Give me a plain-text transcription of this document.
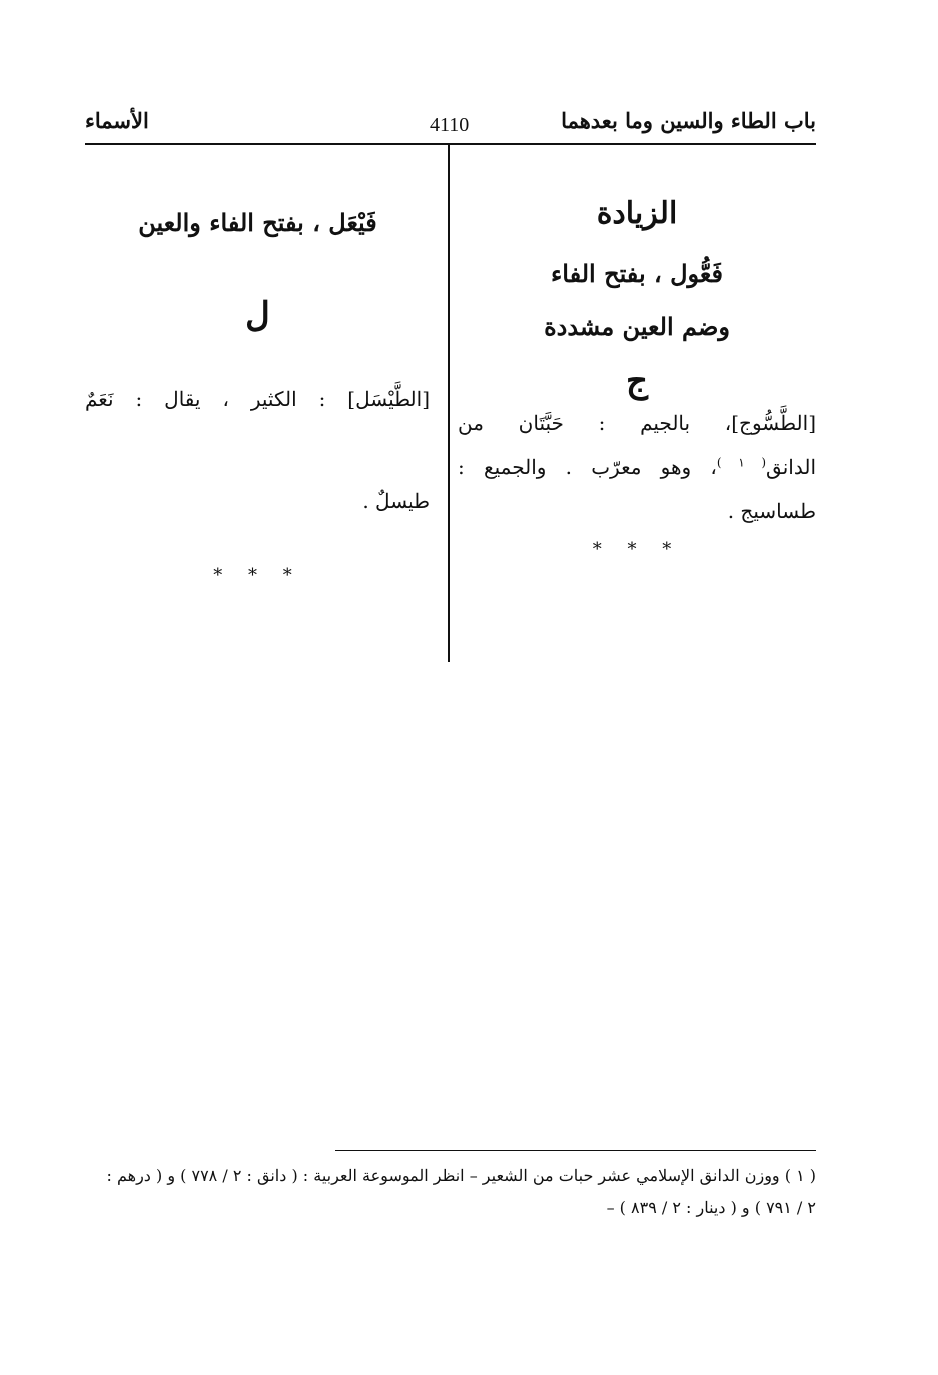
باب الطاء والسين وما بعدهما
4110
الأسماء

الزيادة

فَعُّول ، بفتح الفاء

وضم العين مشددة

ج

[الطَّسُّوج]، بالجيم : حَبَّتَان من

الدانق$^{( ١ )}$، وهو معرّب . والجميع :

طساسيج .

* * *

فَيْعَل ، بفتح الفاء والعين

ل

[الطَّيْسَل] : الكثير ، يقال : نَعَمٌ

طيسلٌ .

* * *

( ١ ) ووزن الدانق الإسلامي عشر حبات من الشعير – انظر الموسوعة العربية : ( دانق : ٢ / ٧٧٨ ) و ( درهم :

٢ / ٧٩١ ) و ( دينار : ٢ / ٨٣٩ ) –
